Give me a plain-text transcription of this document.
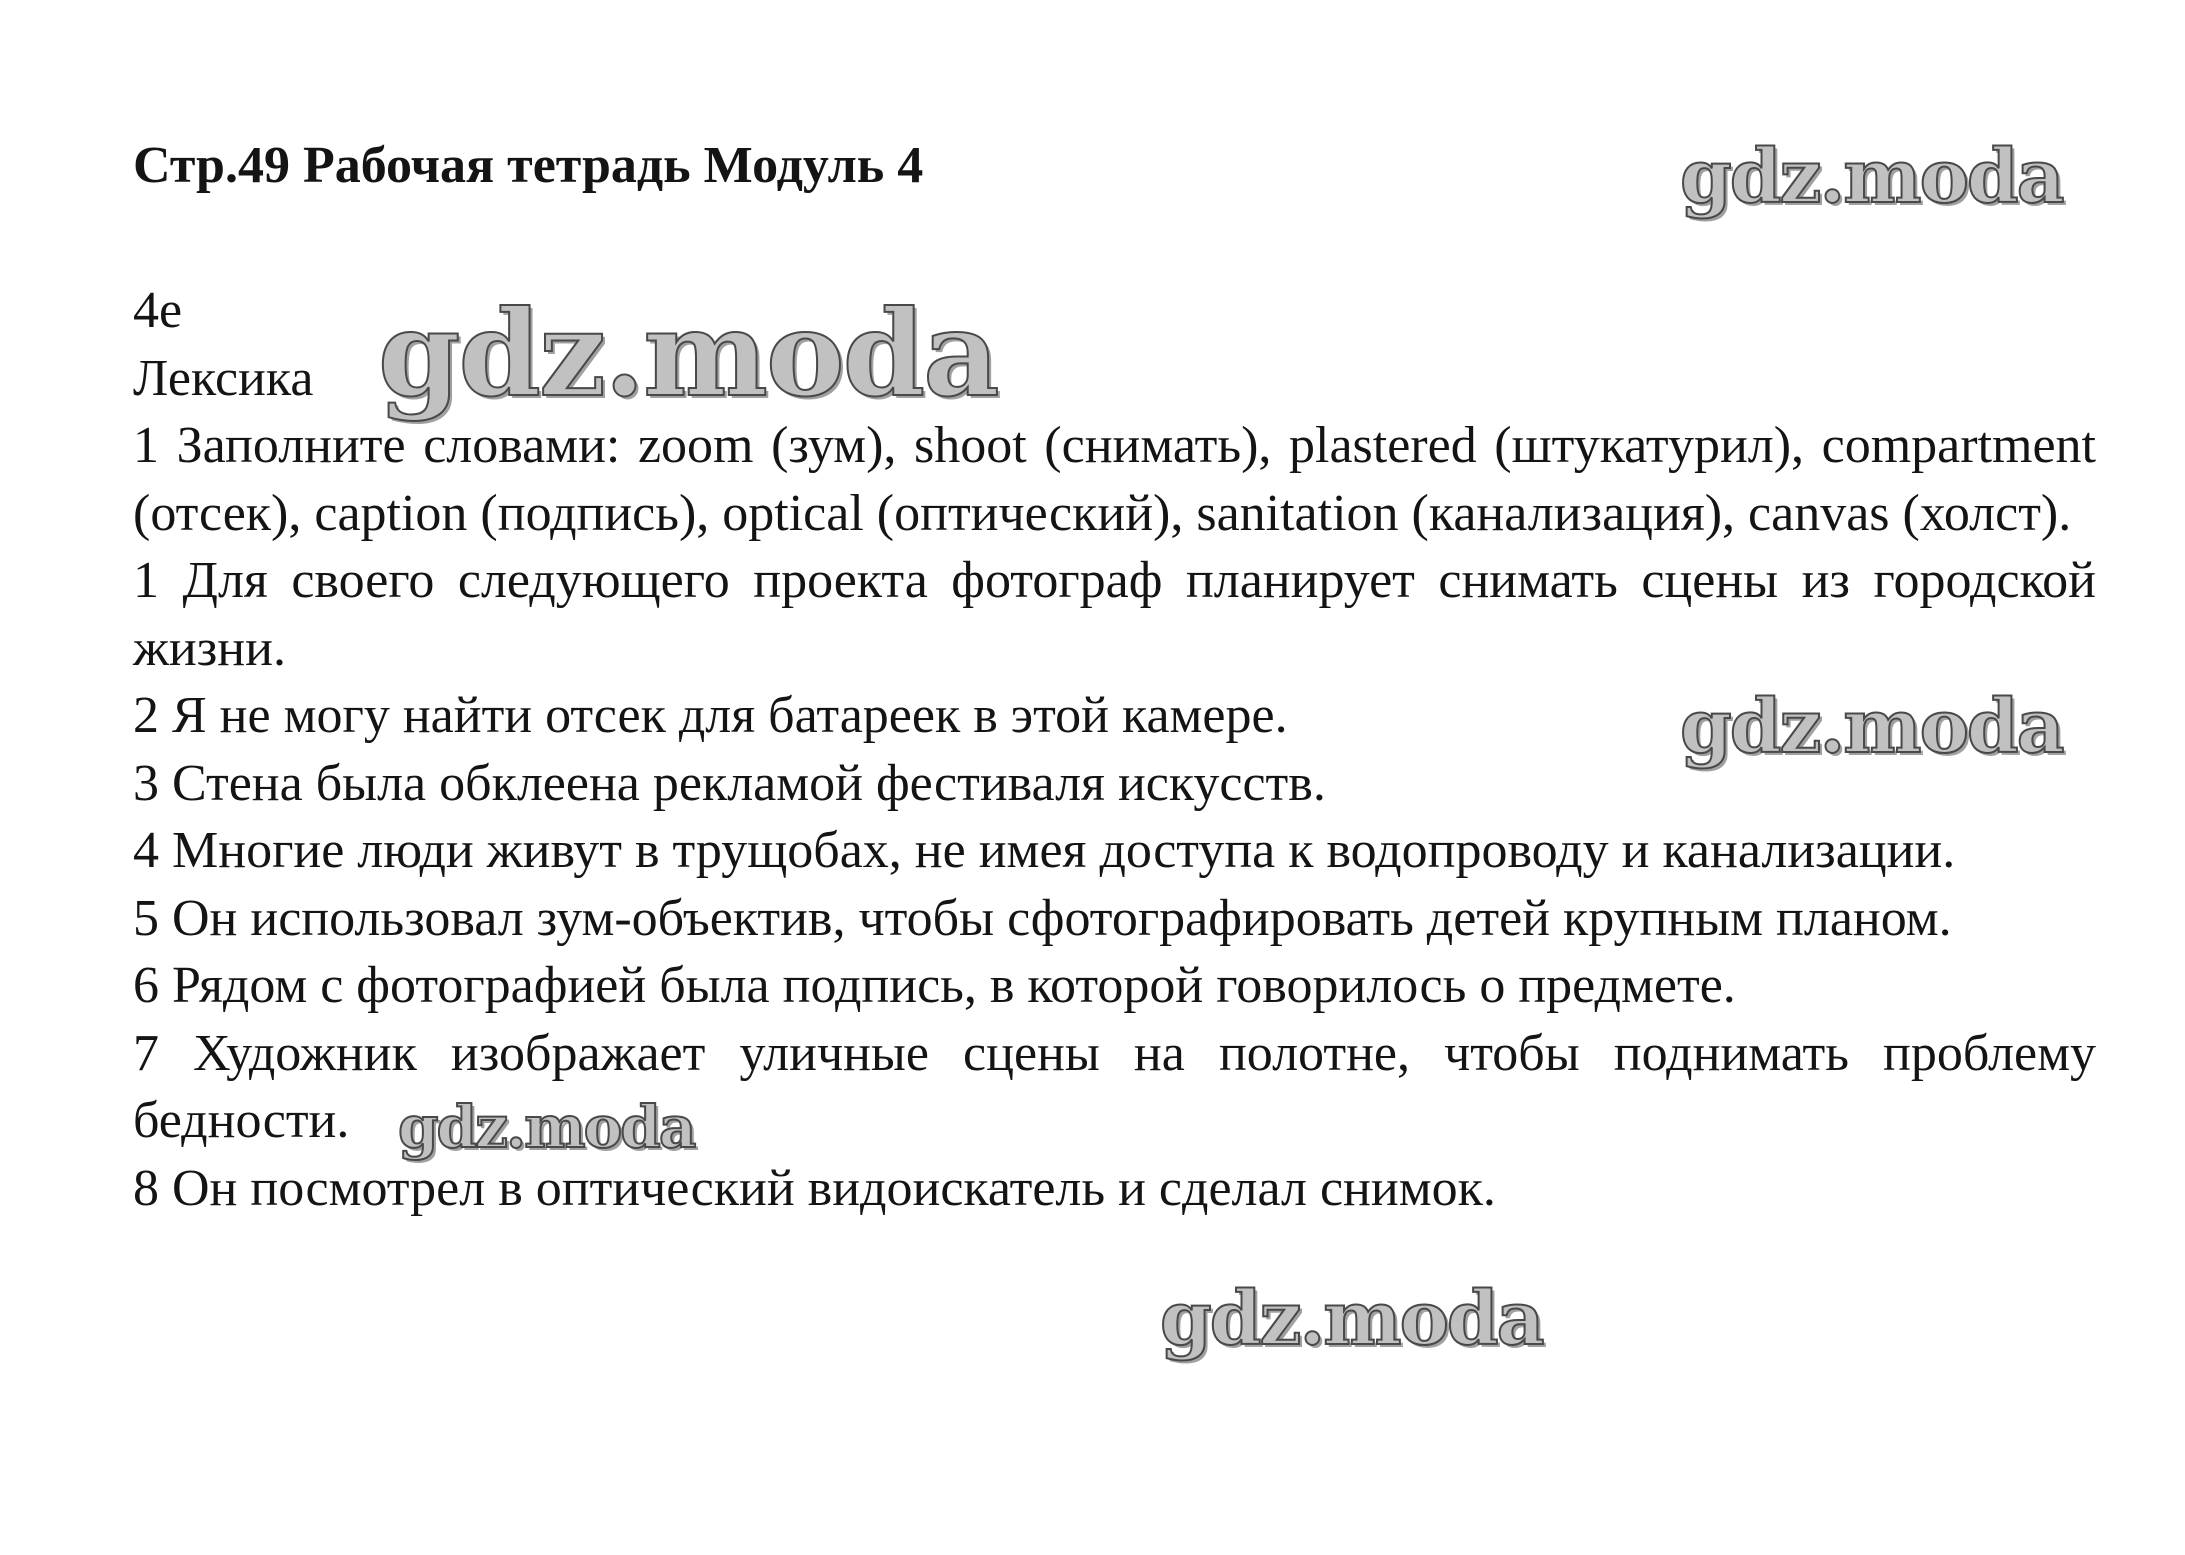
Стр.49 Рабочая тетрадь Модуль 4

4e

Лексика

1 Заполните словами: zoom (зум), shoot (снимать), plastered (штукатурил), compartment (отсек), caption (подпись), optical (оптический), sanitation (канализация), canvas (холст).

1 Для своего следующего проекта фотограф планирует снимать сцены из городской жизни.

2 Я не могу найти отсек для батареек в этой камере.

3 Стена была обклеена рекламой фестиваля искусств.

4 Многие люди живут в трущобах, не имея доступа к водопроводу и канализации.

5 Он использовал зум-объектив, чтобы сфотографировать детей крупным планом.

6 Рядом с фотографией была подпись, в которой говорилось о предмете.

7 Художник изображает уличные сцены на полотне, чтобы поднимать проблему бедности.

8 Он посмотрел в оптический видоискатель и сделал снимок.

gdz.moda
gdz.moda
gdz.moda
gdz.moda
gdz.moda
